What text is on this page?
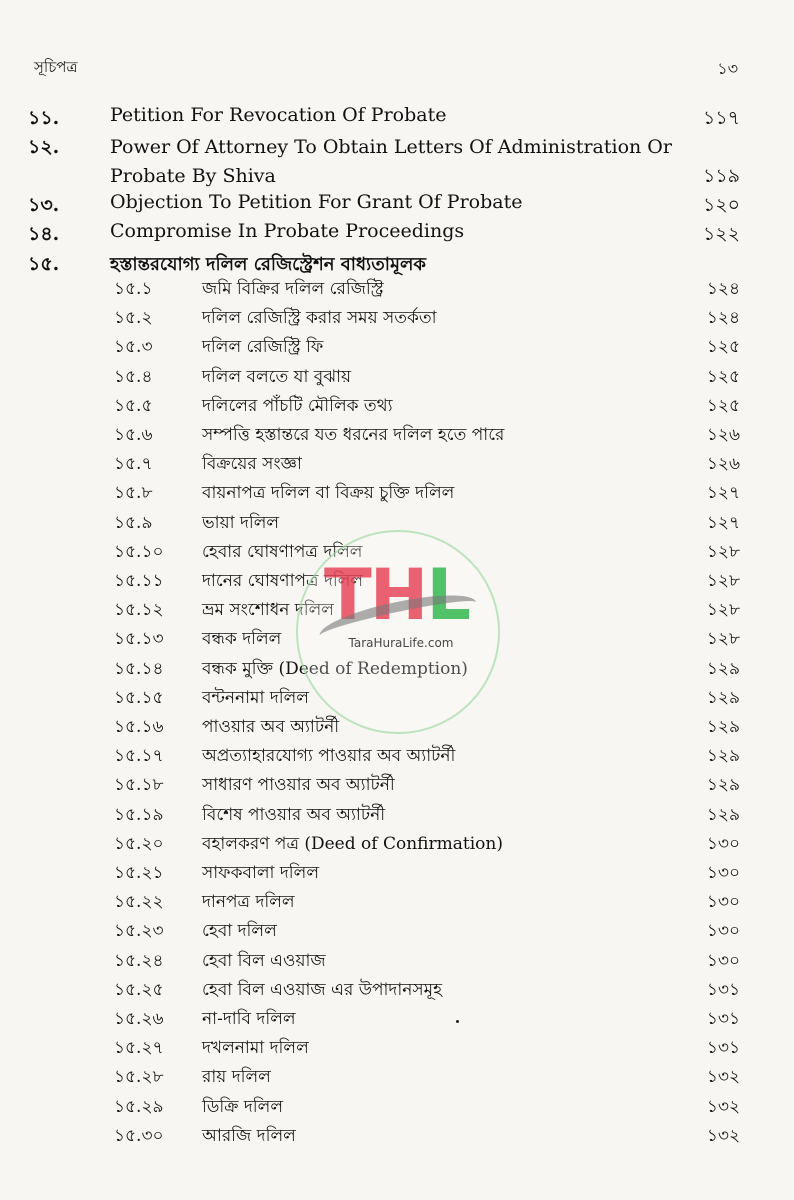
সূচিপত্র	১৩
১১.	Petition For Revocation Of Probate	১১৭
১২.	Power Of Attorney To Obtain Letters Of Administration Or Probate By Shiva	১১৯
১৩.	Objection To Petition For Grant Of Probate	১২০
১৪.	Compromise In Probate Proceedings	১২২
১৫.	হস্তান্তরযোগ্য দলিল রেজিস্ট্রেশন বাধ্যতামূলক
১৫.১	জমি বিক্রির দলিল রেজিস্ট্রি	১২৪
১৫.২	দলিল রেজিস্ট্রি করার সময় সতর্কতা	১২৪
১৫.৩	দলিল রেজিস্ট্রি ফি	১২৫
১৫.৪	দলিল বলতে যা বুঝায়	১২৫
১৫.৫	দলিলের পাঁচটি মৌলিক তথ্য	১২৫
১৫.৬	সম্পত্তি হস্তান্তরে যত ধরনের দলিল হতে পারে	১২৬
১৫.৭	বিক্রয়ের সংজ্ঞা	১২৬
১৫.৮	বায়নাপত্র দলিল বা বিক্রয় চুক্তি দলিল	১২৭
১৫.৯	ভায়া দলিল	১২৭
১৫.১০ হেবার ঘোষণাপত্র দলিল	১২৮
১৫.১১ দানের ঘোষণাপত্র দলিল	১২৮
১৫.১২ ভ্রম সংশোধন দলিল	১২৮
১৫.১৩ বন্ধক দলিল	১২৮
১৫.১৪ বন্ধক মুক্তি (Deed of Redemption)	১২৯
১৫.১৫ বন্টননামা দলিল	১২৯
১৫.১৬ পাওয়ার অব অ্যাটর্নী	১২৯
১৫.১৭ অপ্রত্যাহারযোগ্য পাওয়ার অব অ্যাটর্নী	১২৯
১৫.১৮ সাধারণ পাওয়ার অব অ্যাটর্নী	১২৯
১৫.১৯ বিশেষ পাওয়ার অব অ্যাটর্নী	১২৯
১৫.২০ বহালকরণ পত্র (Deed of Confirmation)	১৩০
১৫.২১ সাফকবালা দলিল	১৩০
১৫.২২ দানপত্র দলিল	১৩০
১৫.২৩ হেবা দলিল	১৩০
১৫.২৪ হেবা বিল এওয়াজ	১৩০
১৫.২৫ হেবা বিল এওয়াজ এর উপাদানসমূহ	১৩১
১৫.২৬ না-দাবি দলিল	১৩১
১৫.২৭ দখলনামা দলিল	১৩১
১৫.২৮ রায় দলিল	১৩২
১৫.২৯ ডিক্রি দলিল	১৩২
১৫.৩০ আরজি দলিল	১৩২
THL
TaraHuraLife.com
